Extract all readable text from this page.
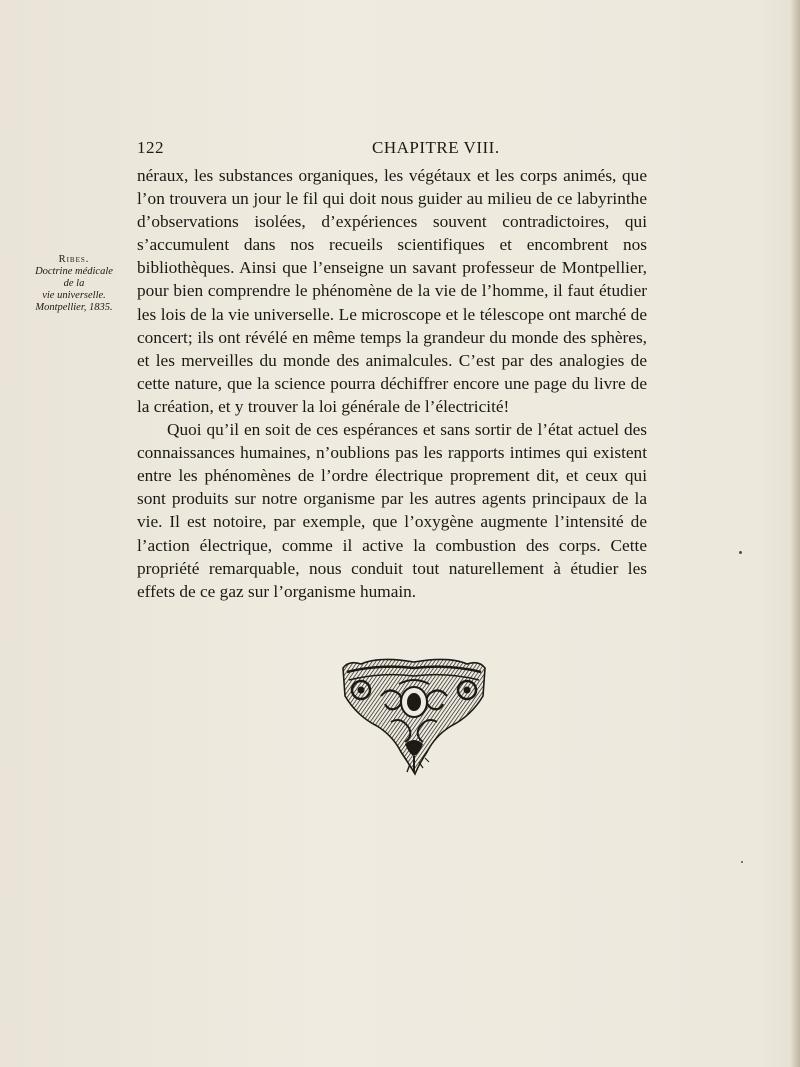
122	CHAPITRE VIII.
Ribes.
Doctrine médicale
de la
vie universelle.
Montpellier, 1835.

néraux, les substances organiques, les végétaux et les corps animés, que l’on trouvera un jour le fil qui doit nous guider au milieu de ce labyrinthe d’observations isolées, d’expériences souvent contradictoires, qui s’accumulent dans nos recueils scientifiques et encombrent nos bibliothèques. Ainsi que l’enseigne un savant professeur de Montpellier, pour bien comprendre le phénomène de la vie de l’homme, il faut étudier les lois de la vie universelle. Le microscope et le télescope ont marché de concert; ils ont révélé en même temps la grandeur du monde des sphères, et les merveilles du monde des animalcules. C’est par des analogies de cette nature, que la science pourra déchiffrer encore une page du livre de la création, et y trouver la loi générale de l’électricité!

Quoi qu’il en soit de ces espérances et sans sortir de l’état actuel des connaissances humaines, n’oublions pas les rapports intimes qui existent entre les phénomènes de l’ordre électrique proprement dit, et ceux qui sont produits sur notre organisme par les autres agents principaux de la vie. Il est notoire, par exemple, que l’oxygène augmente l’intensité de l’action électrique, comme il active la combustion des corps. Cette propriété remarquable, nous conduit tout naturellement à étudier les effets de ce gaz sur l’organisme humain.
